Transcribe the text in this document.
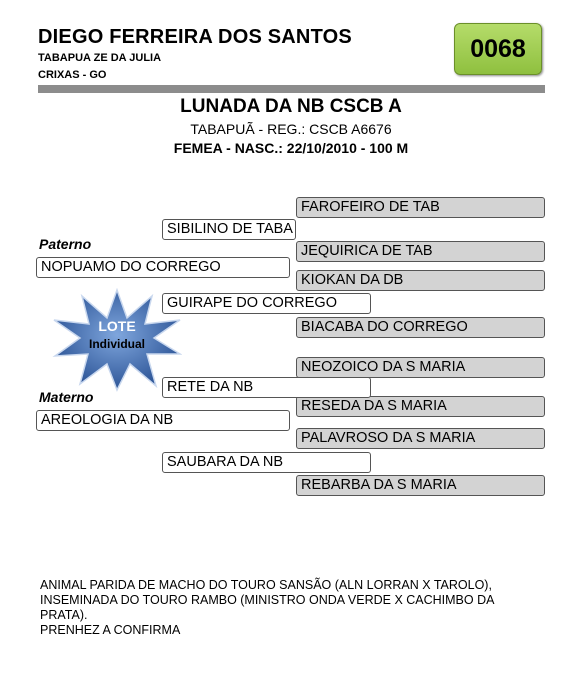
DIEGO FERREIRA DOS SANTOS
TABAPUA ZE DA JULIA
CRIXAS - GO
0068
LUNADA DA NB CSCB A
TABAPUÃ - REG.: CSCB A6676
FEMEA - NASC.: 22/10/2010 - 100 M
FAROFEIRO DE TAB
JEQUIRICA DE TAB
KIOKAN DA DB
BIACABA DO CORREGO
NEOZOICO DA S MARIA
RESEDA DA S MARIA
PALAVROSO DA S MARIA
REBARBA DA S MARIA
SIBILINO DE TABA
GUIRAPE DO CORREGO
RETE DA NB
SAUBARA DA NB
Paterno
NOPUAMO DO CORREGO
Materno
AREOLOGIA DA NB
LOTE
Individual
ANIMAL PARIDA DE MACHO DO TOURO SANSÃO (ALN LORRAN X TAROLO),
INSEMINADA DO TOURO RAMBO (MINISTRO ONDA VERDE X CACHIMBO DA
PRATA).
PRENHEZ A CONFIRMA
